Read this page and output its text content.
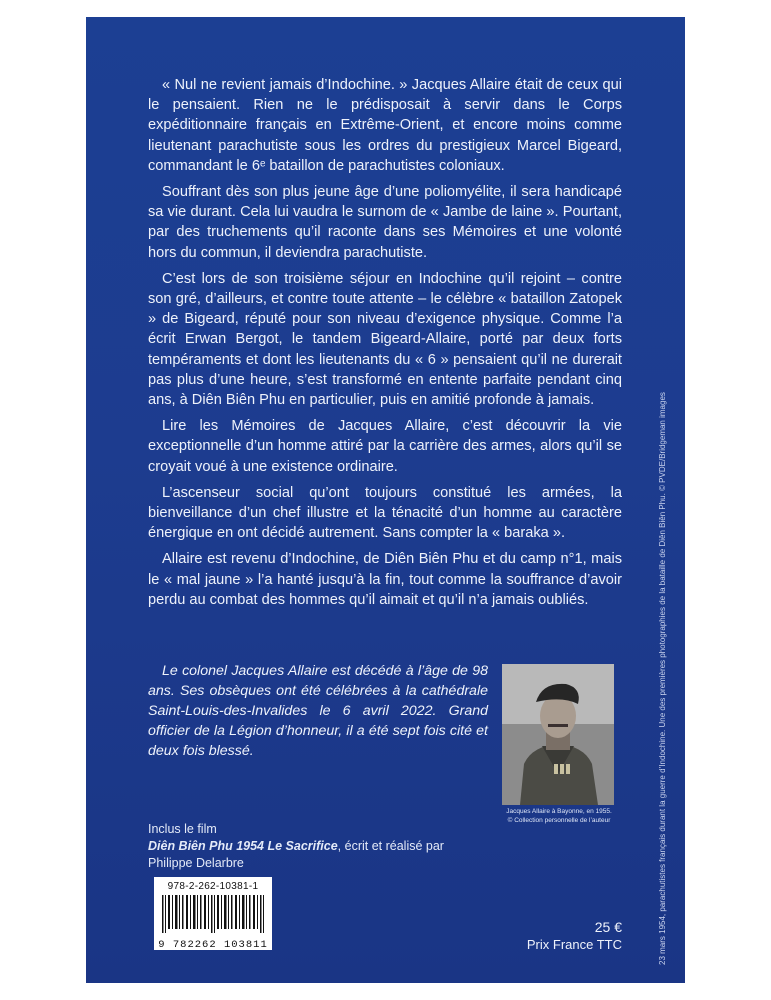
« Nul ne revient jamais d’Indochine. » Jacques Allaire était de ceux qui le pensaient. Rien ne le prédisposait à servir dans le Corps expéditionnaire français en Extrême-Orient, et encore moins comme lieutenant parachutiste sous les ordres du prestigieux Marcel Bigeard, commandant le 6ᵉ bataillon de parachutistes coloniaux.

Souffrant dès son plus jeune âge d’une poliomyélite, il sera handicapé sa vie durant. Cela lui vaudra le surnom de « Jambe de laine ». Pourtant, par des truchements qu’il raconte dans ses Mémoires et une volonté hors du commun, il deviendra parachutiste.

C’est lors de son troisième séjour en Indochine qu’il rejoint – contre son gré, d’ailleurs, et contre toute attente – le célèbre « bataillon Zatopek » de Bigeard, réputé pour son niveau d’exigence physique. Comme l’a écrit Erwan Bergot, le tandem Bigeard-Allaire, porté par deux forts tempéraments et dont les lieutenants du « 6 » pensaient qu’il ne durerait pas plus d’une heure, s’est transformé en entente parfaite pendant cinq ans, à Diên Biên Phu en particulier, puis en amitié profonde à jamais.

Lire les Mémoires de Jacques Allaire, c’est découvrir la vie exceptionnelle d’un homme attiré par la carrière des armes, alors qu’il se croyait voué à une existence ordinaire.

L’ascenseur social qu’ont toujours constitué les armées, la bienveillance d’un chef illustre et la ténacité d’un homme au caractère énergique en ont décidé autrement. Sans compter la « baraka ».

Allaire est revenu d’Indochine, de Diên Biên Phu et du camp n°1, mais le « mal jaune » l’a hanté jusqu’à la fin, tout comme la souffrance d’avoir perdu au combat des hommes qu’il aimait et qu’il n’a jamais oubliés.

Le colonel Jacques Allaire est décédé à l’âge de 98 ans. Ses obsèques ont été célébrées à la cathédrale Saint-Louis-des-Invalides le 6 avril 2022. Grand officier de la Légion d’honneur, il a été sept fois cité et deux fois blessé.

Jacques Allaire à Bayonne, en 1955.
© Collection personnelle de l’auteur
Inclus le film
Diên Biên Phu 1954 Le Sacrifice, écrit et réalisé par Philippe Delarbre
978-2-262-10381-1
9 782262 103811
25 €
Prix France TTC	23 mars 1954, parachutistes français durant la guerre d’Indochine. Une des premières photographies de la bataille de Diên Biên Phu. © PVDE/Bridgeman images
